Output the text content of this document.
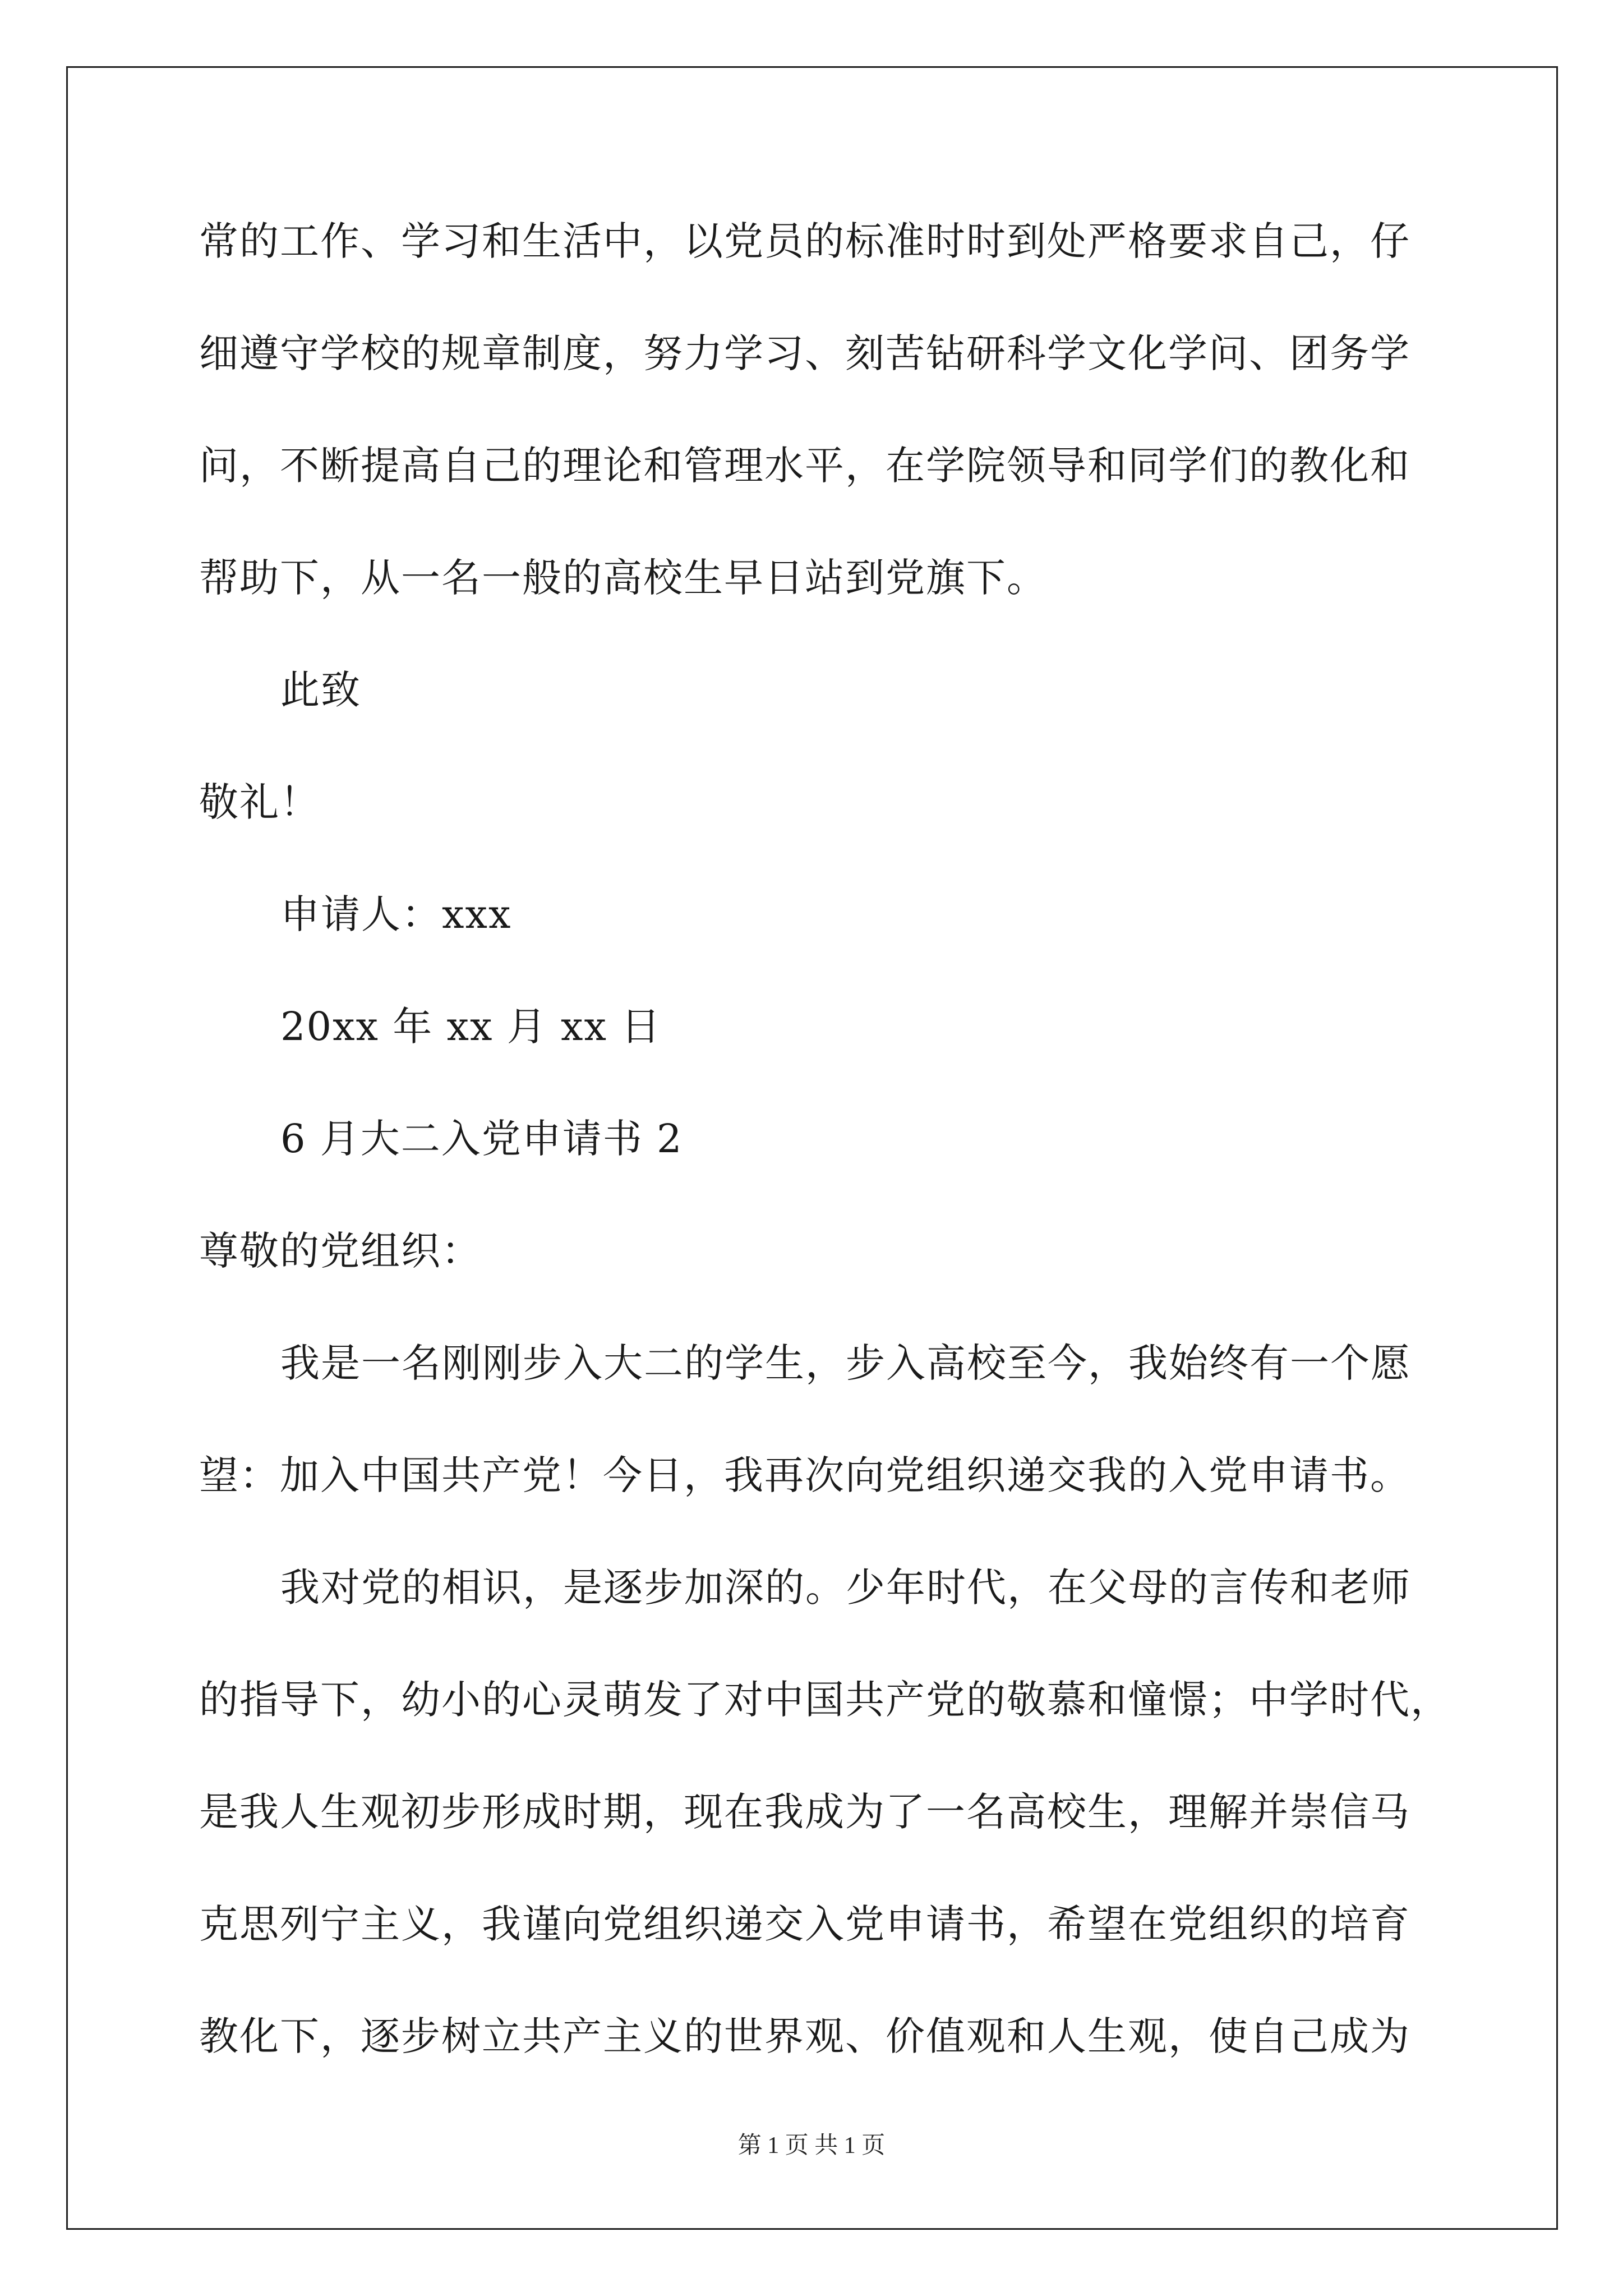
常的工作、学习和生活中，以党员的标准时时到处严格要求自己，仔
细遵守学校的规章制度，努力学习、刻苦钻研科学文化学问、团务学
问，不断提高自己的理论和管理水平，在学院领导和同学们的教化和
帮助下，从一名一般的高校生早日站到党旗下。
此致
敬礼！
申请人：xxx
20xx 年 xx 月 xx 日
6 月大二入党申请书 2
尊敬的党组织：
我是一名刚刚步入大二的学生，步入高校至今，我始终有一个愿
望：加入中国共产党！今日，我再次向党组织递交我的入党申请书。
我对党的相识，是逐步加深的。少年时代，在父母的言传和老师
的指导下，幼小的心灵萌发了对中国共产党的敬慕和憧憬；中学时代，
是我人生观初步形成时期，现在我成为了一名高校生，理解并崇信马
克思列宁主义，我谨向党组织递交入党申请书，希望在党组织的培育
教化下，逐步树立共产主义的世界观、价值观和人生观，使自己成为
第 1 页 共 1 页
